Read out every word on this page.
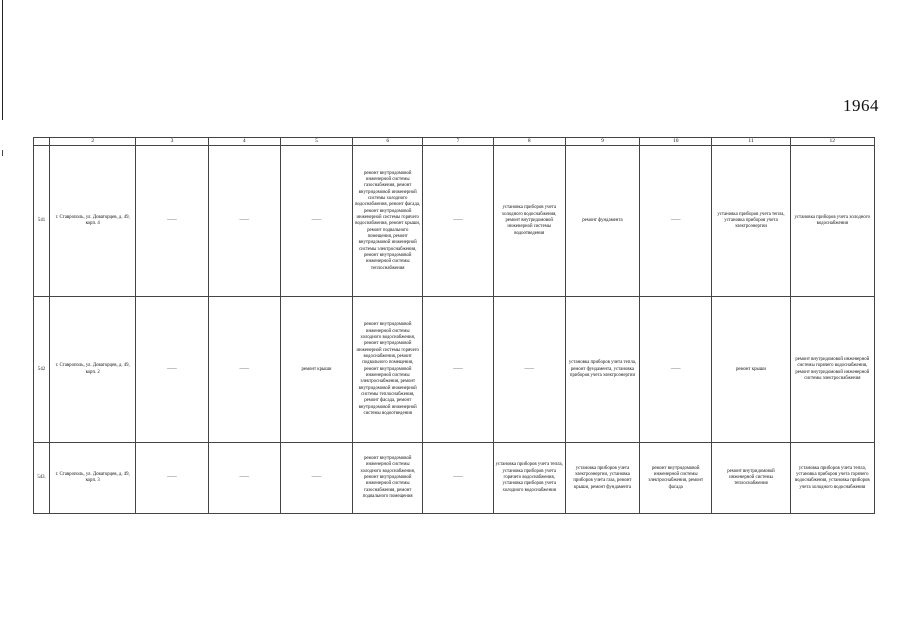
1964
	2	3	4	5	6	7	8	9	10	11	12
541	г. Ставрополь, ул. Доваторцев, д. 49, корп. 4	——	——	——	ремонт внутридомовой инженерной системы газоснабжения, ремонт внутридомовой инженерной системы холодного водоснабжения, ремонт фасада, ремонт внутридомовой инженерной системы горячего водоснабжения, ремонт крыши, ремонт подвального помещения, ремонт внутридомовой инженерной системы электроснабжения, ремонт внутридомовой инженерной системы теплоснабжения	——	установка приборов учета холодного водоснабжения, ремонт внутридомовой инженерной системы водоотведения	ремонт фундамента	——	установка приборов учета тепла, установка приборов учета электроэнергии	установка приборов учета холодного водоснабжения
542	г. Ставрополь, ул. Доваторцев, д. 49, корп. 2	——	——	ремонт крыши	ремонт внутридомовой инженерной системы холодного водоснабжения, ремонт внутридомовой инженерной системы горячего водоснабжения, ремонт подвального помещения, ремонт внутридомовой инженерной системы электроснабжения, ремонт внутридомовой инженерной системы теплоснабжения, ремонт фасада, ремонт внутридомовой инженерной системы водоотведения	——	——	установка приборов учета тепла, ремонт фундамента, установка приборов учета электроэнергии	——	ремонт крыши	ремонт внутридомовой инженерной системы горячего водоснабжения, ремонт внутридомовой инженерной системы электроснабжения
543.	г. Ставрополь, ул. Доваторцев, д. 49, корп. 3	——	——	——	ремонт внутридомовой инженерной системы холодного водоснабжения, ремонт внутридомовой инженерной системы газоснабжения, ремонт подвального помещения	——	установка приборов учета тепла, установка приборов учета горячего водоснабжения, установка приборов учета холодного водоснабжения	установка приборов учета электроэнергии, установка приборов учета газа, ремонт крыши, ремонт фундамента	ремонт внутридомовой инженерной системы электроснабжения, ремонт фасада	ремонт внутридомовой инженерной системы теплоснабжения	установка приборов учета тепла, установка приборов учета горячего водоснабжения, установка приборов учета холодного водоснабжения
